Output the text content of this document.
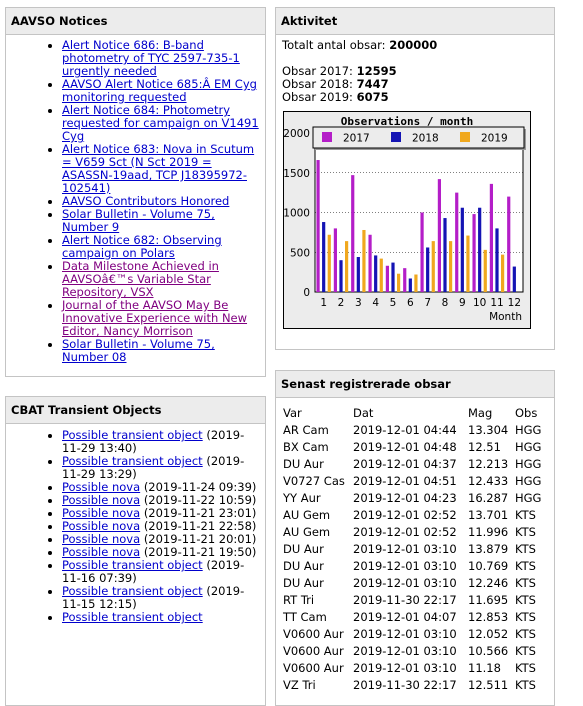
AAVSO Notices
• Alert Notice 686: B-band photometry of TYC 2597-735-1 urgently needed
• AAVSO Alert Notice 685:Â EM Cyg monitoring requested
• Alert Notice 684: Photometry requested for campaign on V1491 Cyg
• Alert Notice 683: Nova in Scutum = V659 Sct (N Sct 2019 = ASASSN-19aad, TCP J18395972-102541)
• AAVSO Contributors Honored
• Solar Bulletin - Volume 75, Number 9
• Alert Notice 682: Observing campaign on Polars
• Data Milestone Achieved in AAVSOâ€™s Variable Star Repository, VSX
• Journal of the AAVSO May Be Innovative Experience with New Editor, Nancy Morrison
• Solar Bulletin - Volume 75, Number 08
CBAT Transient Objects
• Possible transient object (2019-11-29 13:40)
• Possible transient object (2019-11-29 13:29)
• Possible nova (2019-11-24 09:39)
• Possible nova (2019-11-22 10:59)
• Possible nova (2019-11-21 23:01)
• Possible nova (2019-11-21 22:58)
• Possible nova (2019-11-21 20:01)
• Possible nova (2019-11-21 19:50)
• Possible transient object (2019-11-16 07:39)
• Possible transient object (2019-11-15 12:15)
• Possible transient object
Aktivitet
Totalt antal obsar: 200000
Obsar 2017: 12595
Obsar 2018: 7447
Obsar 2019: 6075
0
500
1000
1500
2000
1 2 3 4 5 6 7 8 9 10 11 12
Month
2017	2018	2019
Observations / month
Senast registrerade obsar
Var	Dat	Mag	Obs
AR Cam	2019-12-01 04:44	13.304	HGG
BX Cam	2019-12-01 04:48	12.51	HGG
DU Aur	2019-12-01 04:37	12.213	HGG
V0727 Cas	2019-12-01 04:51	12.433	HGG
YY Aur	2019-12-01 04:23	16.287	HGG
AU Gem	2019-12-01 02:52	13.701	KTS
AU Gem	2019-12-01 02:52	11.996	KTS
DU Aur	2019-12-01 03:10	13.879	KTS
DU Aur	2019-12-01 03:10	10.769	KTS
DU Aur	2019-12-01 03:10	12.246	KTS
RT Tri	2019-11-30 22:17	11.695	KTS
TT Cam	2019-12-01 04:07	12.853	KTS
V0600 Aur	2019-12-01 03:10	12.052	KTS
V0600 Aur	2019-12-01 03:10	10.566	KTS
V0600 Aur	2019-12-01 03:10	11.18	KTS
VZ Tri	2019-11-30 22:17	12.511	KTS
